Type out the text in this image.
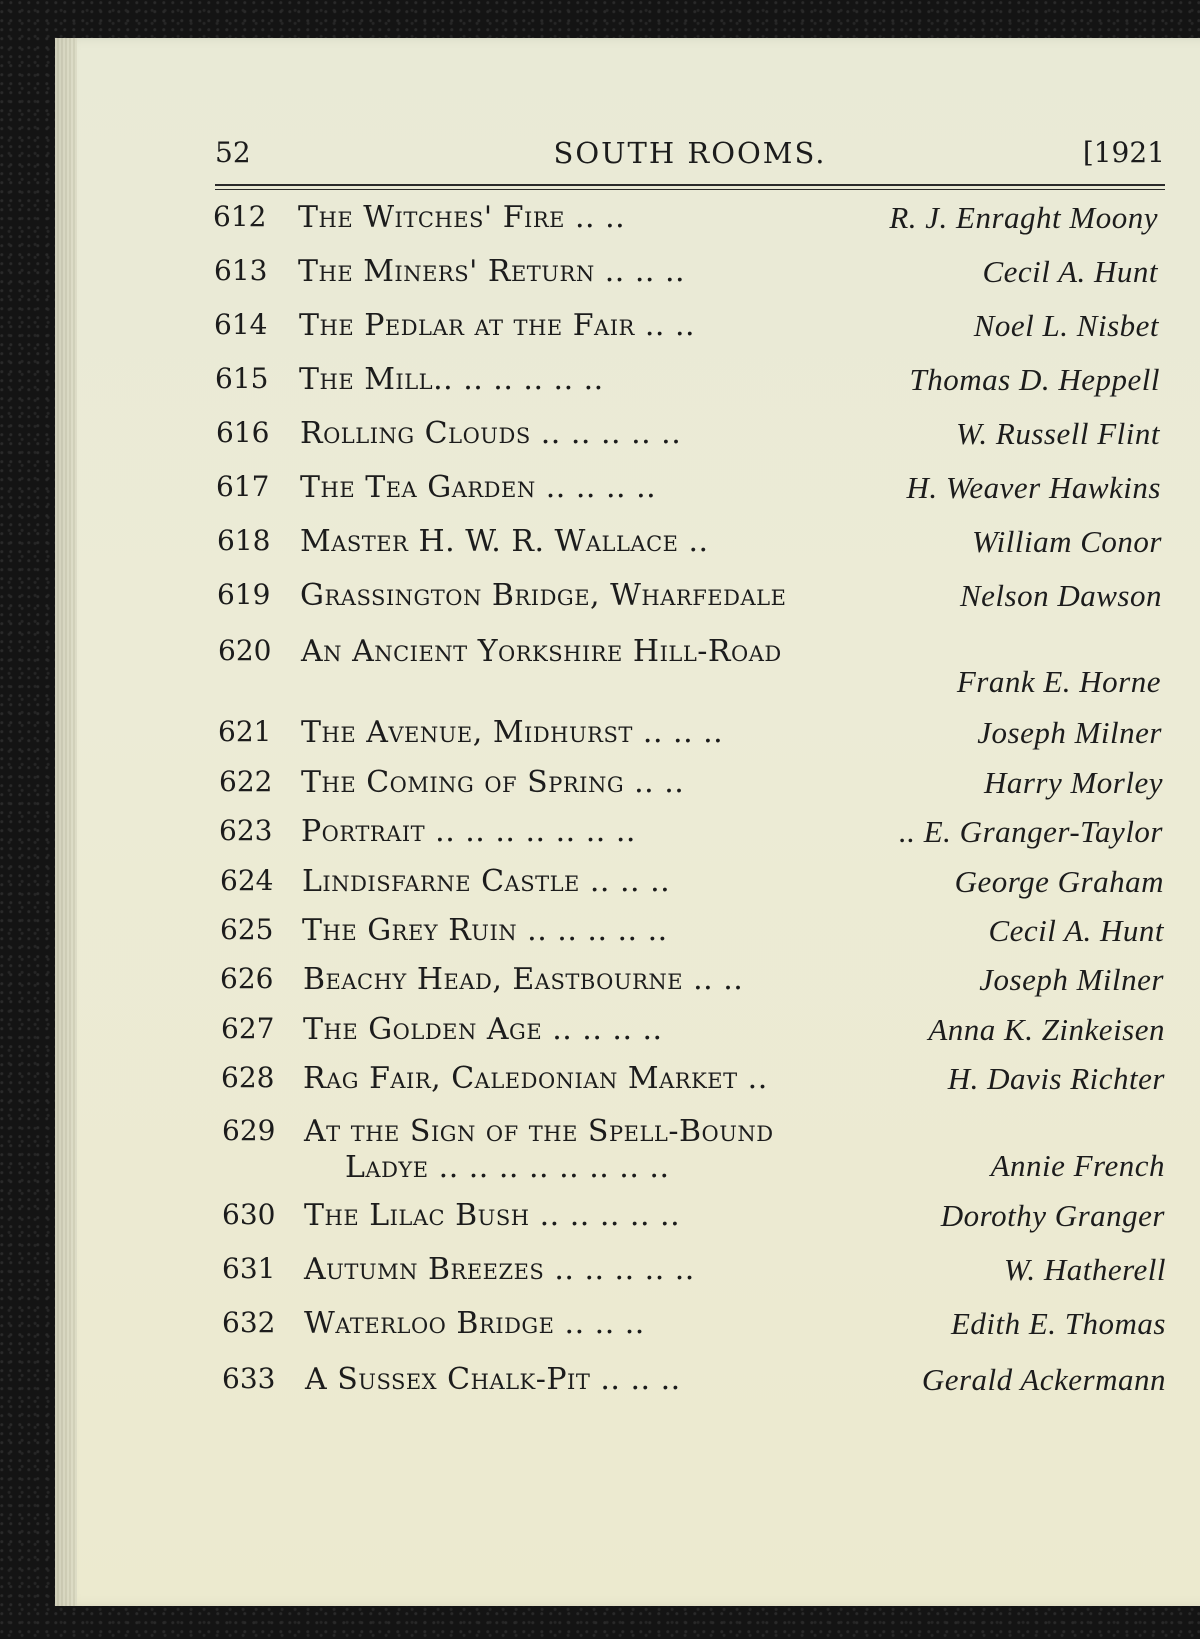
52	SOUTH ROOMS.	[1921
612 The Witches' Fire .. ..	R. J. Enraght Moony
613 The Miners' Return .. .. ..	Cecil A. Hunt
614 The Pedlar at the Fair .. ..	Noel L. Nisbet
615 The Mill.. .. .. .. .. ..	Thomas D. Heppell
616 Rolling Clouds .. .. .. .. ..	W. Russell Flint
617 The Tea Garden .. .. .. ..	H. Weaver Hawkins
618 Master H. W. R. Wallace ..	William Conor
619 Grassington Bridge, Wharfedale	Nelson Dawson
620 An Ancient Yorkshire Hill-Road
Frank E. Horne
621 The Avenue, Midhurst .. .. ..	Joseph Milner
622 The Coming of Spring .. ..	Harry Morley
623 Portrait .. .. .. .. .. .. ..	.. E. Granger-Taylor
624 Lindisfarne Castle .. .. ..	George Graham
625 The Grey Ruin .. .. .. .. ..	Cecil A. Hunt
626 Beachy Head, Eastbourne .. ..	Joseph Milner
627 The Golden Age .. .. .. ..	Anna K. Zinkeisen
628 Rag Fair, Caledonian Market ..	H. Davis Richter
629 At the Sign of the Spell-Bound
Ladye .. .. .. .. .. .. .. ..	Annie French
630 The Lilac Bush .. .. .. .. ..	Dorothy Granger
631 Autumn Breezes .. .. .. .. ..	W. Hatherell
632 Waterloo Bridge .. .. ..	Edith E. Thomas
633 A Sussex Chalk-Pit .. .. ..	Gerald Ackermann
